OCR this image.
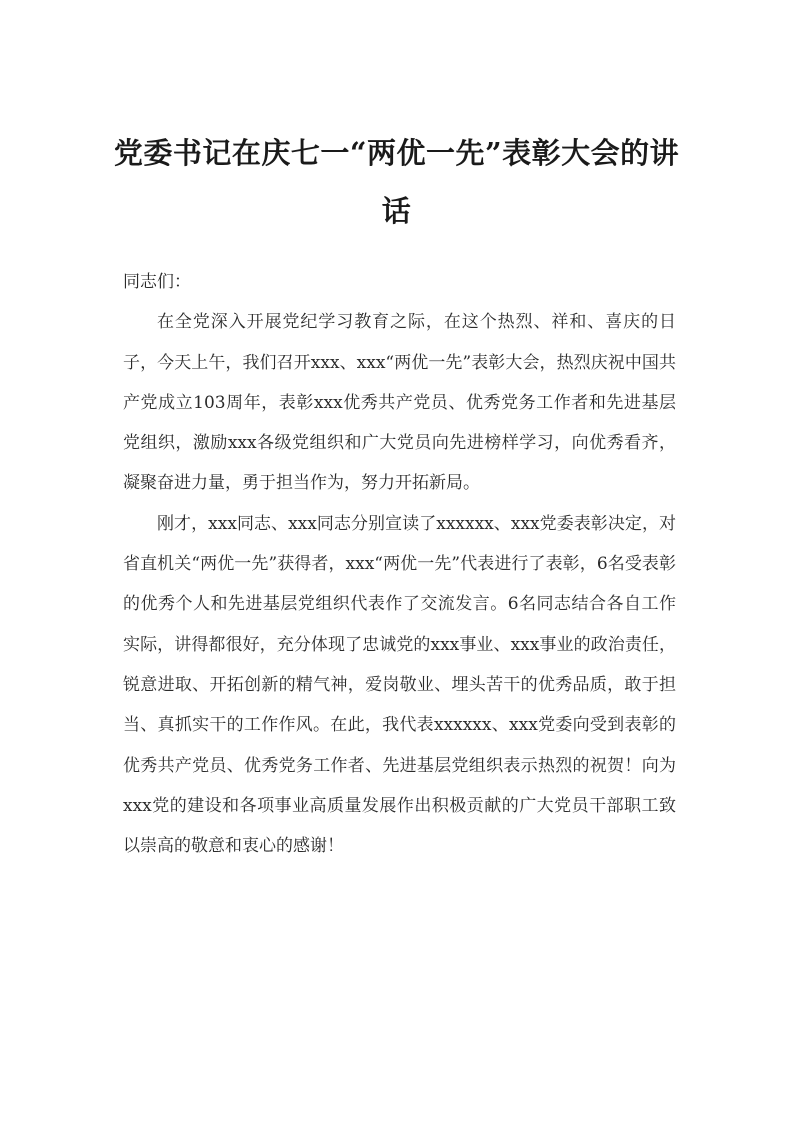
党委书记在庆七一“两优一先”表彰大会的讲话

同志们：

在全党深入开展党纪学习教育之际，在这个热烈、祥和、喜庆的日子，今天上午，我们召开xxx、xxx“两优一先”表彰大会，热烈庆祝中国共产党成立103周年，表彰xxx优秀共产党员、优秀党务工作者和先进基层党组织，激励xxx各级党组织和广大党员向先进榜样学习，向优秀看齐，凝聚奋进力量，勇于担当作为，努力开拓新局。

刚才，xxx同志、xxx同志分别宣读了xxxxxx、xxx党委表彰决定，对省直机关“两优一先”获得者，xxx“两优一先”代表进行了表彰，6名受表彰的优秀个人和先进基层党组织代表作了交流发言。6名同志结合各自工作实际，讲得都很好，充分体现了忠诚党的xxx事业、xxx事业的政治责任，锐意进取、开拓创新的精气神，爱岗敬业、埋头苦干的优秀品质，敢于担当、真抓实干的工作作风。在此，我代表xxxxxx、xxx党委向受到表彰的优秀共产党员、优秀党务工作者、先进基层党组织表示热烈的祝贺！向为xxx党的建设和各项事业高质量发展作出积极贡献的广大党员干部职工致以崇高的敬意和衷心的感谢！
